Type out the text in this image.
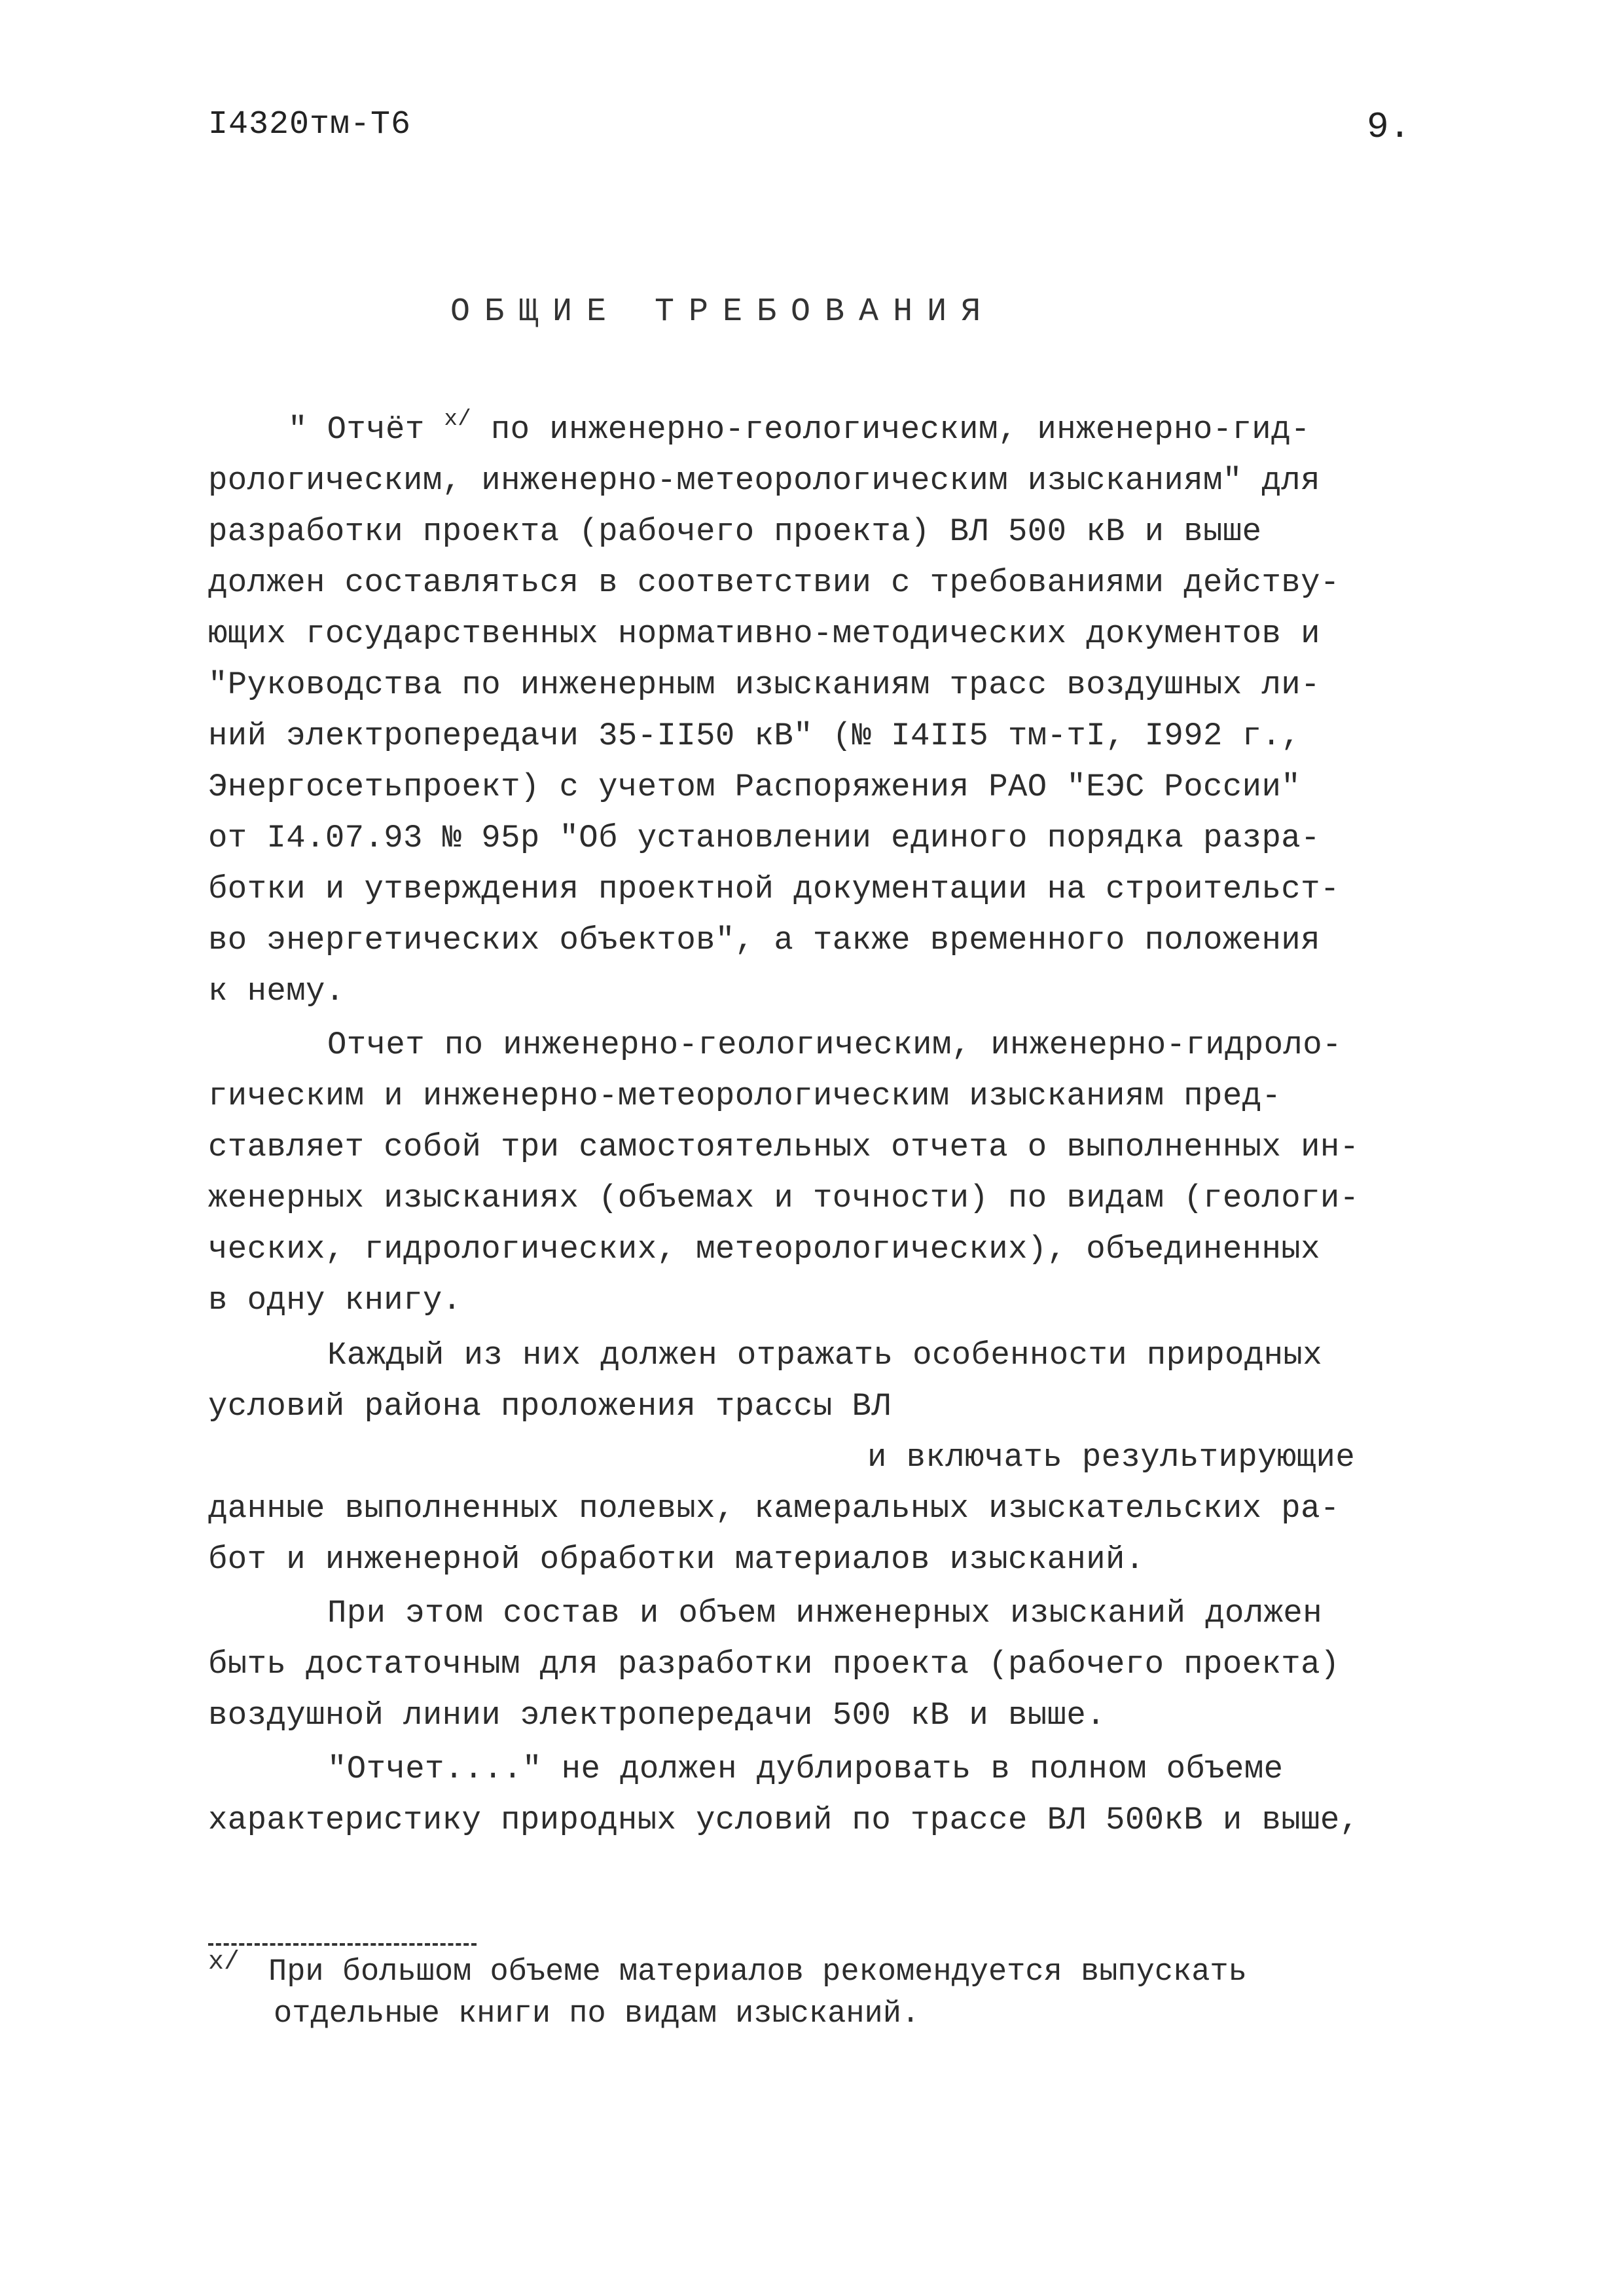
I4320тм-Т6	9.
ОБЩИЕ ТРЕБОВАНИЯ
" Отчёт $^{х/}$ по инженерно-геологическим, инженерно-гид-
рологическим, инженерно-метеорологическим изысканиям" для
разработки проекта (рабочего проекта) ВЛ 500 кВ и выше
должен составляться в соответствии с требованиями действу-
ющих государственных нормативно-методических документов и
"Руководства по инженерным изысканиям трасс воздушных ли-
ний электропередачи 35-II50 кВ" (№ I4II5 тм-тI, I992 г.,
Энергосетьпроект) с учетом Распоряжения РАО "ЕЭС России"
от I4.07.93 № 95р "Об установлении единого порядка разра-
ботки и утверждения проектной документации на строительст-
во энергетических объектов", а также временного положения
к нему.
Отчет по инженерно-геологическим, инженерно-гидроло-
гическим и инженерно-метеорологическим изысканиям пред-
ставляет собой три самостоятельных отчета о выполненных ин-
женерных изысканиях (объемах и точности) по видам (геологи-
ческих, гидрологических, метеорологических), объединенных
в одну книгу.
Каждый из них должен отражать особенности природных
условий района проложения трассы ВЛ
и включать результирующие
данные выполненных полевых, камеральных изыскательских ра-
бот и инженерной обработки материалов изысканий.
При этом состав и объем инженерных изысканий должен
быть достаточным для разработки проекта (рабочего проекта)
воздушной линии электропередачи 500 кВ и выше.
"Отчет...." не должен дублировать в полном объеме
характеристику природных условий по трассе ВЛ 500кВ и выше,
х/ При большом объеме материалов рекомендуется выпускать
отдельные книги по видам изысканий.
